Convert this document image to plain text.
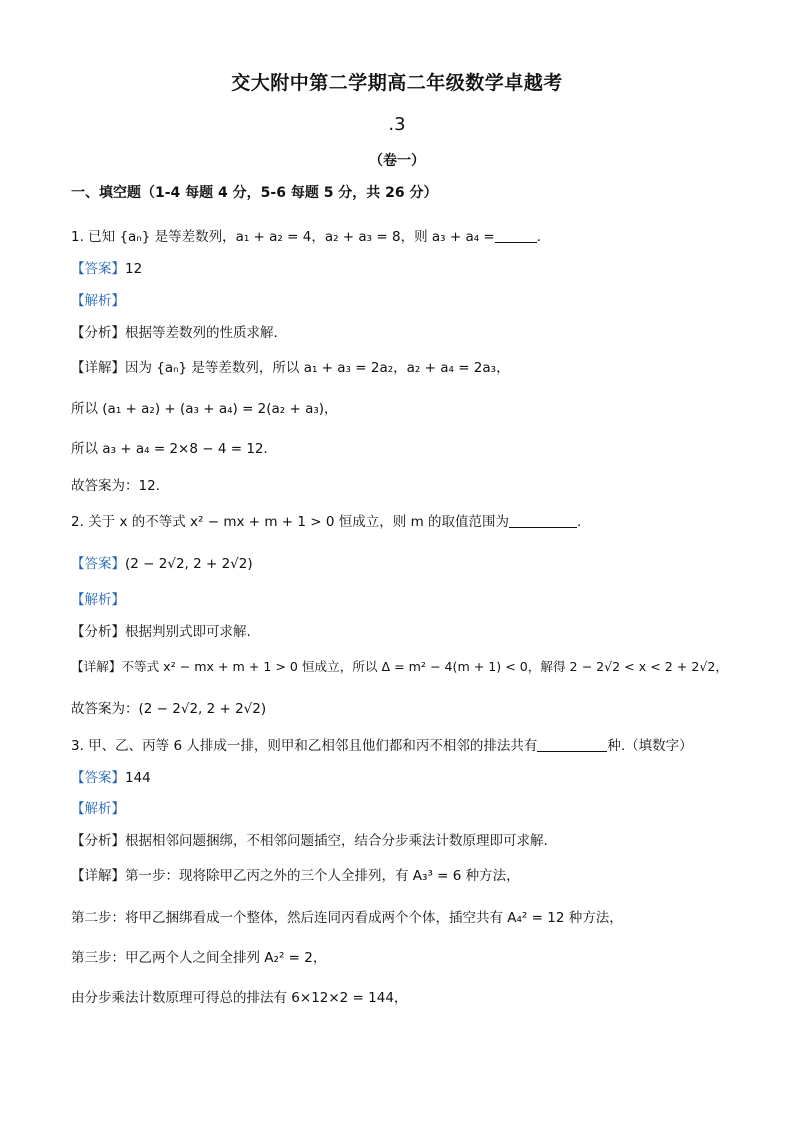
交大附中第二学期高二年级数学卓越考
.3
（卷一）
一、填空题（1-4 每题 4 分，5-6 每题 5 分，共 26 分）
1. 已知 {aₙ} 是等差数列，a₁ + a₂ = 4，a₂ + a₃ = 8，则 a₃ + a₄ =	.
【答案】12
【解析】
【分析】根据等差数列的性质求解．
【详解】因为 {aₙ} 是等差数列，所以 a₁ + a₃ = 2a₂，a₂ + a₄ = 2a₃，
所以 (a₁ + a₂) + (a₃ + a₄) = 2(a₂ + a₃)，
所以 a₃ + a₄ = 2×8 − 4 = 12．
故答案为：12.
2. 关于 x 的不等式 x² − mx + m + 1 > 0 恒成立，则 m 的取值范围为	.
【答案】(2 − 2√2, 2 + 2√2)
【解析】
【分析】根据判别式即可求解.
【详解】不等式 x² − mx + m + 1 > 0 恒成立，所以 Δ = m² − 4(m + 1) < 0，解得 2 − 2√2 < x < 2 + 2√2，
故答案为：(2 − 2√2, 2 + 2√2)
3. 甲、乙、丙等 6 人排成一排，则甲和乙相邻且他们都和丙不相邻的排法共有	种.（填数字）
【答案】144
【解析】
【分析】根据相邻问题捆绑，不相邻问题插空，结合分步乘法计数原理即可求解.
【详解】第一步：现将除甲乙丙之外的三个人全排列，有 A₃³ = 6 种方法，
第二步：将甲乙捆绑看成一个整体，然后连同丙看成两个个体，插空共有 A₄² = 12 种方法，
第三步：甲乙两个人之间全排列 A₂² = 2，
由分步乘法计数原理可得总的排法有 6×12×2 = 144，
